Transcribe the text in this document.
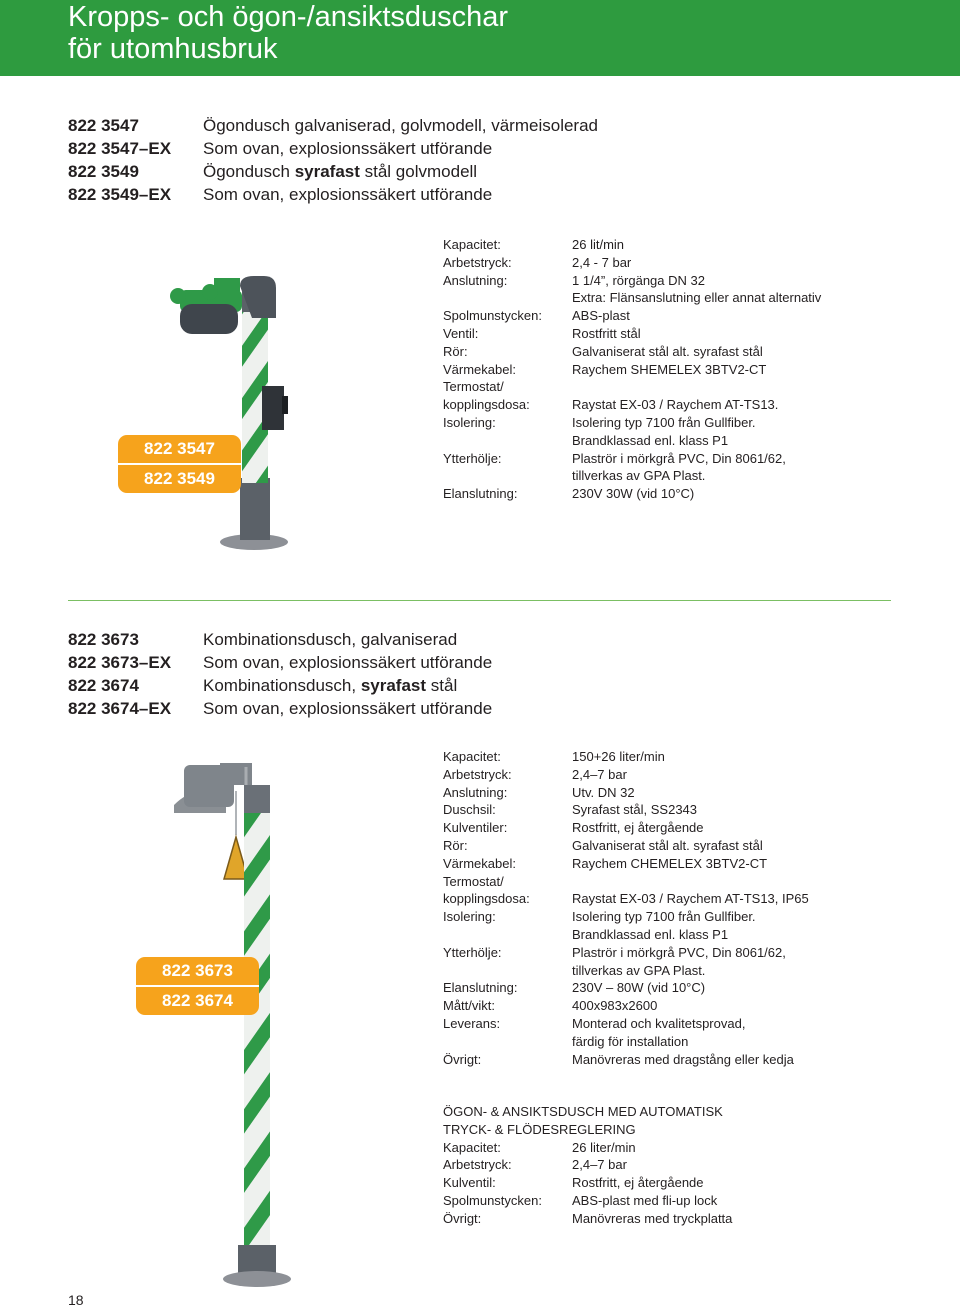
Kropps- och ögon-/ansiktsduschar
för utomhusbruk
822 3547	Ögondusch galvaniserad, golvmodell, värmeisolerad
822 3547–EX Som ovan, explosionssäkert utförande
822 3549	Ögondusch syrafast stål golvmodell
822 3549–EX Som ovan, explosionssäkert utförande
822 3547
822 3549
Kapacitet:	26 lit/min
Arbetstryck:	2,4 - 7 bar
Anslutning:	1 1/4”, rörgänga DN 32
Extra: Flänsanslutning eller annat alternativ
Spolmunstycken:	ABS-plast
Ventil:	Rostfritt stål
Rör:	Galvaniserat stål alt. syrafast stål
Värmekabel:	Raychem SHEMELEX 3BTV2-CT
Termostat/
kopplingsdosa:	Raystat EX-03 / Raychem AT-TS13.
Isolering:	Isolering typ 7100 från Gullfiber.
Brandklassad enl. klass P1
Ytterhölje:	Plaströr i mörkgrå PVC, Din 8061/62,
tillverkas av GPA Plast.
Elanslutning:	230V 30W (vid 10°C)
822 3673	Kombinationsdusch, galvaniserad
822 3673–EX Som ovan, explosionssäkert utförande
822 3674	Kombinationsdusch, syrafast stål
822 3674–EX Som ovan, explosionssäkert utförande
822 3673
822 3674
Kapacitet:	150+26 liter/min
Arbetstryck:	2,4–7 bar
Anslutning:	Utv. DN 32
Duschsil:	Syrafast stål, SS2343
Kulventiler:	Rostfritt, ej återgående
Rör:	Galvaniserat stål alt. syrafast stål
Värmekabel:	Raychem CHEMELEX 3BTV2-CT
Termostat/
kopplingsdosa:	Raystat EX-03 / Raychem AT-TS13, IP65
Isolering:	Isolering typ 7100 från Gullfiber.
Brandklassad enl. klass P1
Ytterhölje:	Plaströr i mörkgrå PVC, Din 8061/62,
tillverkas av GPA Plast.
Elanslutning:	230V – 80W (vid 10°C)
Mått/vikt:	400x983x2600
Leverans:	Monterad och kvalitetsprovad,
färdig för installation
Övrigt:	Manövreras med dragstång eller kedja
ÖGON- & ANSIKTSDUSCH MED AUTOMATISK
TRYCK- & FLÖDESREGLERING
Kapacitet:	26 liter/min
Arbetstryck:	2,4–7 bar
Kulventil:	Rostfritt, ej återgående
Spolmunstycken:	ABS-plast med fli-up lock
Övrigt:	Manövreras med tryckplatta
18
